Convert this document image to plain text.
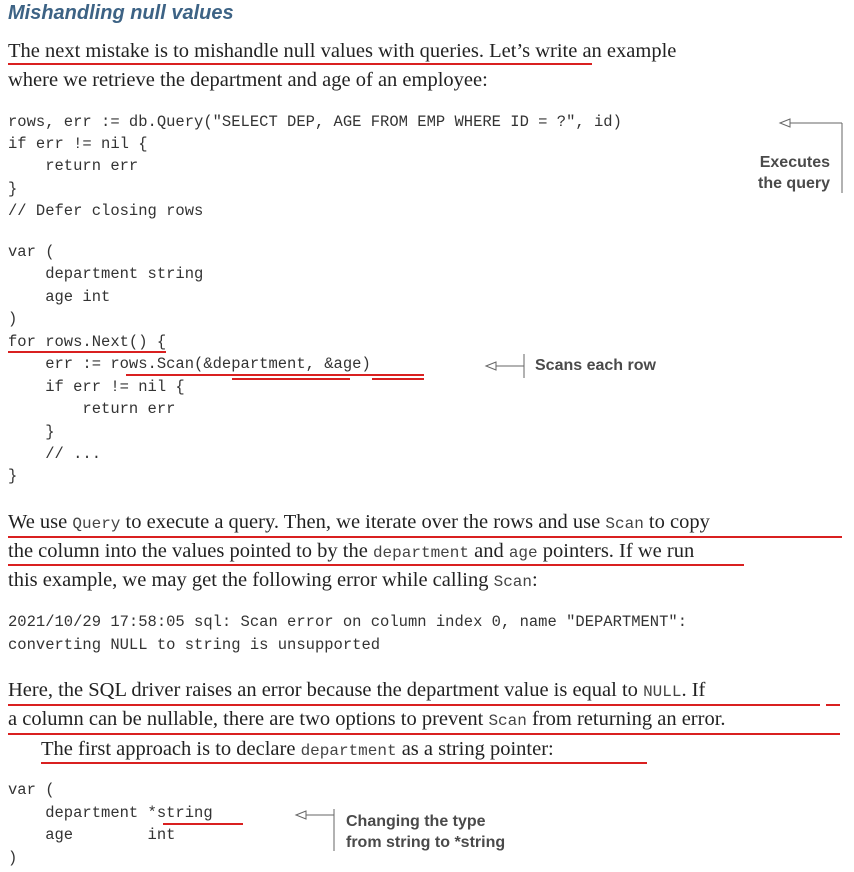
Mishandling null values
The next mistake is to mishandle null values with queries. Let’s write an example
where we retrieve the department and age of an employee:
rows, err := db.Query("SELECT DEP, AGE FROM EMP WHERE ID = ?", id)
if err != nil {
return err
}
// Defer closing rows
var (
department string
age int
)
for rows.Next() {
err := rows.Scan(&department, &age)
if err != nil {
return err
}
// ...
}
Executes
the query
Scans each row
We use Query to execute a query. Then, we iterate over the rows and use Scan to copy
the column into the values pointed to by the department and age pointers. If we run
this example, we may get the following error while calling Scan:
2021/10/29 17:58:05 sql: Scan error on column index 0, name "DEPARTMENT":
converting NULL to string is unsupported
Here, the SQL driver raises an error because the department value is equal to NULL. If
a column can be nullable, there are two options to prevent Scan from returning an error.
The first approach is to declare department as a string pointer:
var (
department *string
age        int
)
Changing the type
from string to *string
